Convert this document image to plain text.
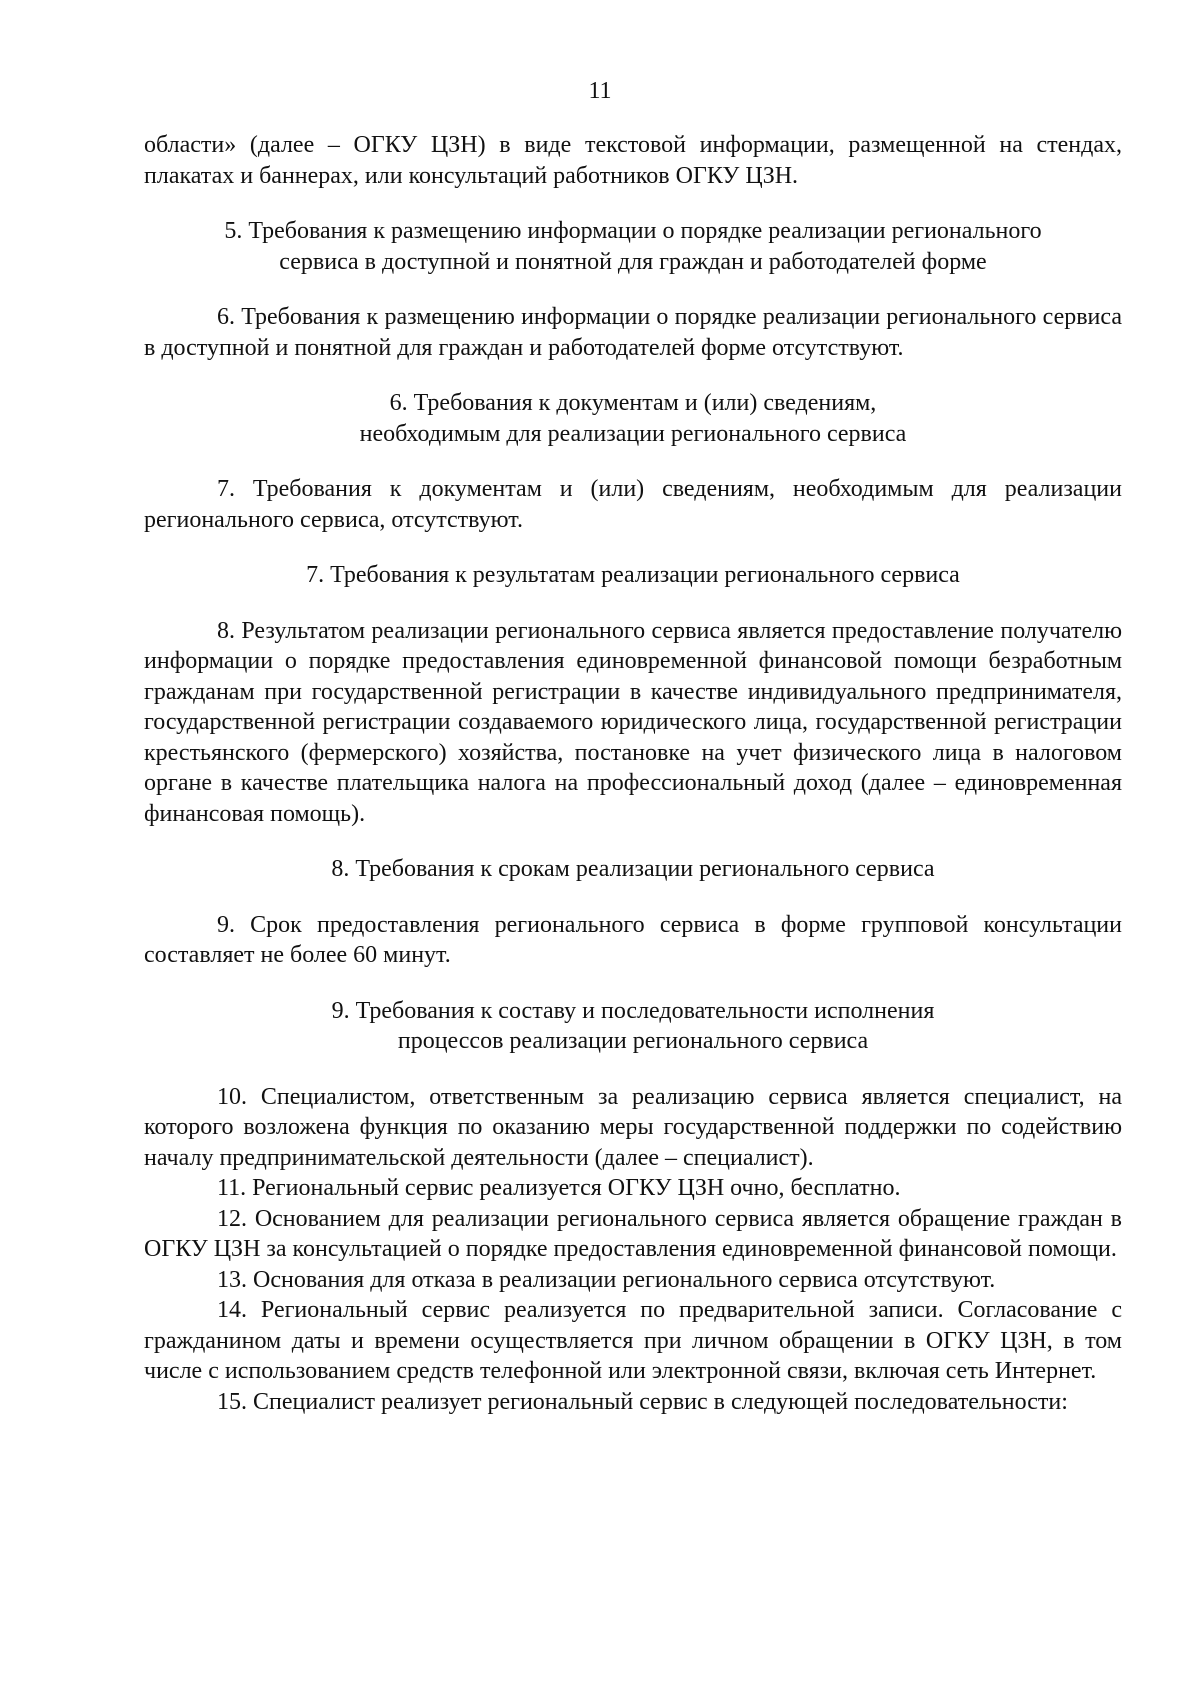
11

области» (далее – ОГКУ ЦЗН) в виде текстовой информации, размещенной на стендах, плакатах и баннерах, или консультаций работников ОГКУ ЦЗН.

5. Требования к размещению информации о порядке реализации регионального
сервиса в доступной и понятной для граждан и работодателей форме

6. Требования к размещению информации о порядке реализации регионального сервиса в доступной и понятной для граждан и работодателей форме отсутствуют.

6. Требования к документам и (или) сведениям,
необходимым для реализации регионального сервиса

7. Требования к документам и (или) сведениям, необходимым для реализации регионального сервиса, отсутствуют.

7. Требования к результатам реализации регионального сервиса

8. Результатом реализации регионального сервиса является предоставление получателю информации о порядке предоставления единовременной финансовой помощи безработным гражданам при государственной регистрации в качестве индивидуального предпринимателя, государственной регистрации создаваемого юридического лица, государственной регистрации крестьянского (фермерского) хозяйства, постановке на учет физического лица в налоговом органе в качестве плательщика налога на профессиональный доход (далее – единовременная финансовая помощь).

8. Требования к срокам реализации регионального сервиса

9. Срок предоставления регионального сервиса в форме групповой консультации составляет не более 60 минут.

9. Требования к составу и последовательности исполнения
процессов реализации регионального сервиса

10. Специалистом, ответственным за реализацию сервиса является специалист, на которого возложена функция по оказанию меры государственной поддержки по содействию началу предпринимательской деятельности (далее – специалист).

11. Региональный сервис реализуется ОГКУ ЦЗН очно, бесплатно.

12. Основанием для реализации регионального сервиса является обращение граждан в ОГКУ ЦЗН за консультацией о порядке предоставления единовременной финансовой помощи.

13. Основания для отказа в реализации регионального сервиса отсутствуют.

14. Региональный сервис реализуется по предварительной записи. Согласование с гражданином даты и времени осуществляется при личном обращении в ОГКУ ЦЗН, в том числе с использованием средств телефонной или электронной связи, включая сеть Интернет.

15. Специалист реализует региональный сервис в следующей последовательности:
